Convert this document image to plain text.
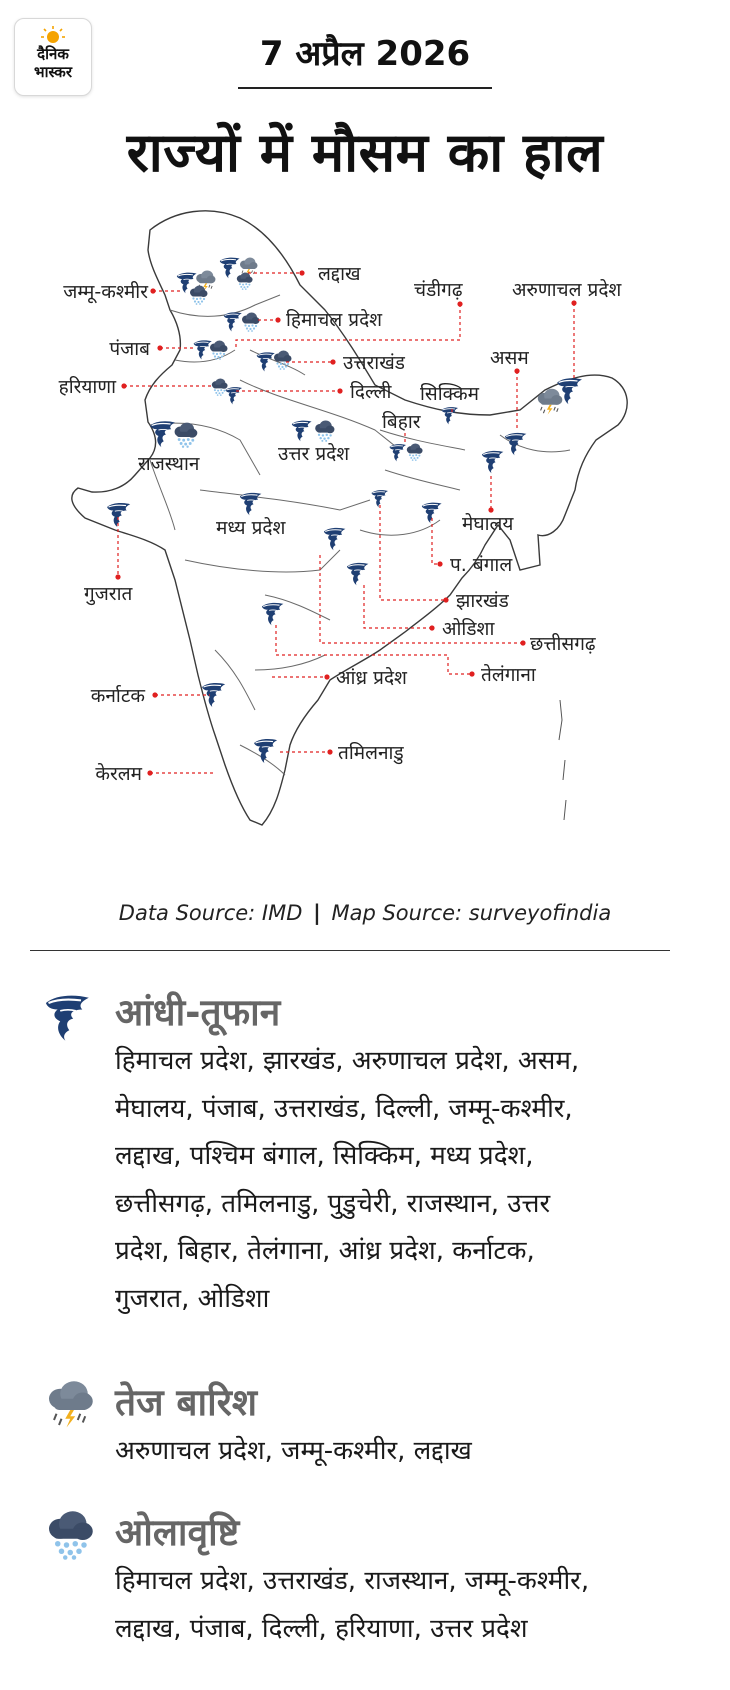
दैनिक
भास्कर	7 अप्रैल 2026
राज्यों में मौसम का हाल
लद्दाख
जम्मू-कश्मीर	चंडीगढ़	अरुणाचल प्रदेश
हिमाचल प्रदेश
पंजाब
उत्तराखंड	असम
हरियाणा	दिल्ली सिक्किम
बिहार
राजस्थान	उत्तर प्रदेश
मध्य प्रदेश	मेघालय
गुजरात
प. बंगाल
झारखंड
ओडिशा
छत्तीसगढ़
तेलंगाना
आंध्र प्रदेश
कर्नाटक
तमिलनाडु
केरलम
Data Source: IMD | Map Source: surveyofindia
आंधी-तूफान
हिमाचल प्रदेश, झारखंड, अरुणाचल प्रदेश, असम,
मेघालय, पंजाब, उत्तराखंड, दिल्ली, जम्मू-कश्मीर,
लद्दाख, पश्चिम बंगाल, सिक्किम, मध्य प्रदेश,
छत्तीसगढ़, तमिलनाडु, पुडुचेरी, राजस्थान, उत्तर
प्रदेश, बिहार, तेलंगाना, आंध्र प्रदेश, कर्नाटक,
गुजरात, ओडिशा
तेज बारिश
अरुणाचल प्रदेश, जम्मू-कश्मीर, लद्दाख
ओलावृष्टि
हिमाचल प्रदेश, उत्तराखंड, राजस्थान, जम्मू-कश्मीर,
लद्दाख, पंजाब, दिल्ली, हरियाणा, उत्तर प्रदेश
